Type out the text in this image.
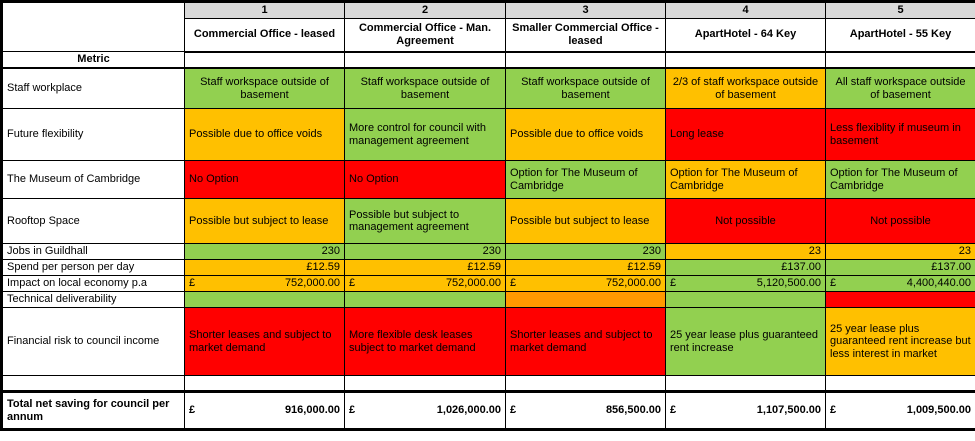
	1	2	3	4	5
	Commercial Office - leased	Commercial Office - Man. Agreement	Smaller Commercial Office - leased	ApartHotel - 64 Key	ApartHotel - 55 Key
Metric					
Staff workplace	Staff workspace outside of basement	Staff workspace outside of basement	Staff workspace outside of basement	2/3 of staff workspace outside of basement	All staff workspace outside of basement
Future flexibility	Possible due to office voids	More control for council with management agreement	Possible due to office voids	Long lease	Less flexiblity if museum in basement
The Museum of Cambridge	No Option	No Option	Option for The Museum of Cambridge	Option for The Museum of Cambridge	Option for The Museum of Cambridge
Rooftop Space	Possible but subject to lease	Possible but subject to management agreement	Possible but subject to lease	Not possible	Not possible
Jobs in Guildhall	230	230	230	23	23
Spend per person per day	£12.59	£12.59	£12.59	£137.00	£137.00
Impact on local economy p.a	£ 752,000.00	£ 752,000.00	£ 752,000.00	£ 5,120,500.00	£ 4,400,440.00

Technical deliverability					
Financial risk to council income	Shorter leases and subject to market demand	More flexible desk leases subject to market demand	Shorter leases and subject to market demand	25 year lease plus guaranteed rent increase	25 year lease plus guaranteed rent increase but less interest in market

Total net saving for council per annum	£ 916,000.00	£ 1,026,000.00	£ 856,500.00	£ 1,107,500.00	£ 1,009,500.00
